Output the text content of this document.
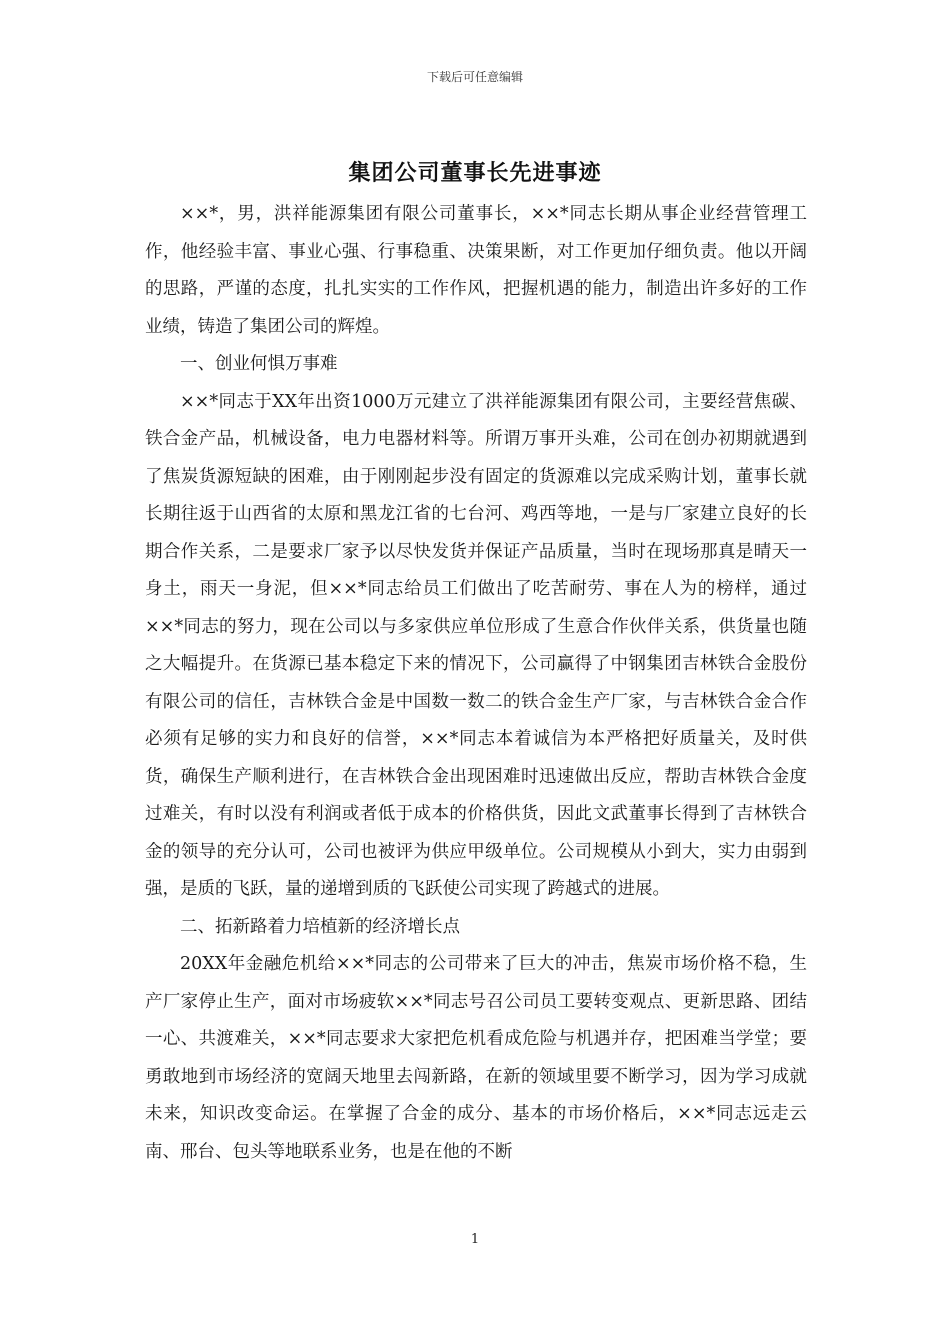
下载后可任意编辑
集团公司董事长先进事迹

××*，男，洪祥能源集团有限公司董事长，××*同志长期从事企业经营管理工作，他经验丰富、事业心强、行事稳重、决策果断，对工作更加仔细负责。他以开阔的思路，严谨的态度，扎扎实实的工作作风，把握机遇的能力，制造出许多好的工作业绩，铸造了集团公司的辉煌。

一、创业何惧万事难

××*同志于XX年出资1000万元建立了洪祥能源集团有限公司，主要经营焦碳、铁合金产品，机械设备，电力电器材料等。所谓万事开头难，公司在创办初期就遇到了焦炭货源短缺的困难，由于刚刚起步没有固定的货源难以完成采购计划，董事长就长期往返于山西省的太原和黑龙江省的七台河、鸡西等地，一是与厂家建立良好的长期合作关系，二是要求厂家予以尽快发货并保证产品质量，当时在现场那真是晴天一身土，雨天一身泥，但××*同志给员工们做出了吃苦耐劳、事在人为的榜样，通过××*同志的努力，现在公司以与多家供应单位形成了生意合作伙伴关系，供货量也随之大幅提升。在货源已基本稳定下来的情况下，公司赢得了中钢集团吉林铁合金股份有限公司的信任，吉林铁合金是中国数一数二的铁合金生产厂家，与吉林铁合金合作必须有足够的实力和良好的信誉，××*同志本着诚信为本严格把好质量关，及时供货，确保生产顺利进行，在吉林铁合金出现困难时迅速做出反应，帮助吉林铁合金度过难关，有时以没有利润或者低于成本的价格供货，因此文武董事长得到了吉林铁合金的领导的充分认可，公司也被评为供应甲级单位。公司规模从小到大，实力由弱到强，是质的飞跃，量的递增到质的飞跃使公司实现了跨越式的进展。

二、拓新路着力培植新的经济增长点

20XX年金融危机给××*同志的公司带来了巨大的冲击，焦炭市场价格不稳，生产厂家停止生产，面对市场疲软××*同志号召公司员工要转变观点、更新思路、团结一心、共渡难关，××*同志要求大家把危机看成危险与机遇并存，把困难当学堂；要勇敢地到市场经济的宽阔天地里去闯新路，在新的领域里要不断学习，因为学习成就未来，知识改变命运。在掌握了合金的成分、基本的市场价格后，××*同志远走云南、邢台、包头等地联系业务，也是在他的不断

1
